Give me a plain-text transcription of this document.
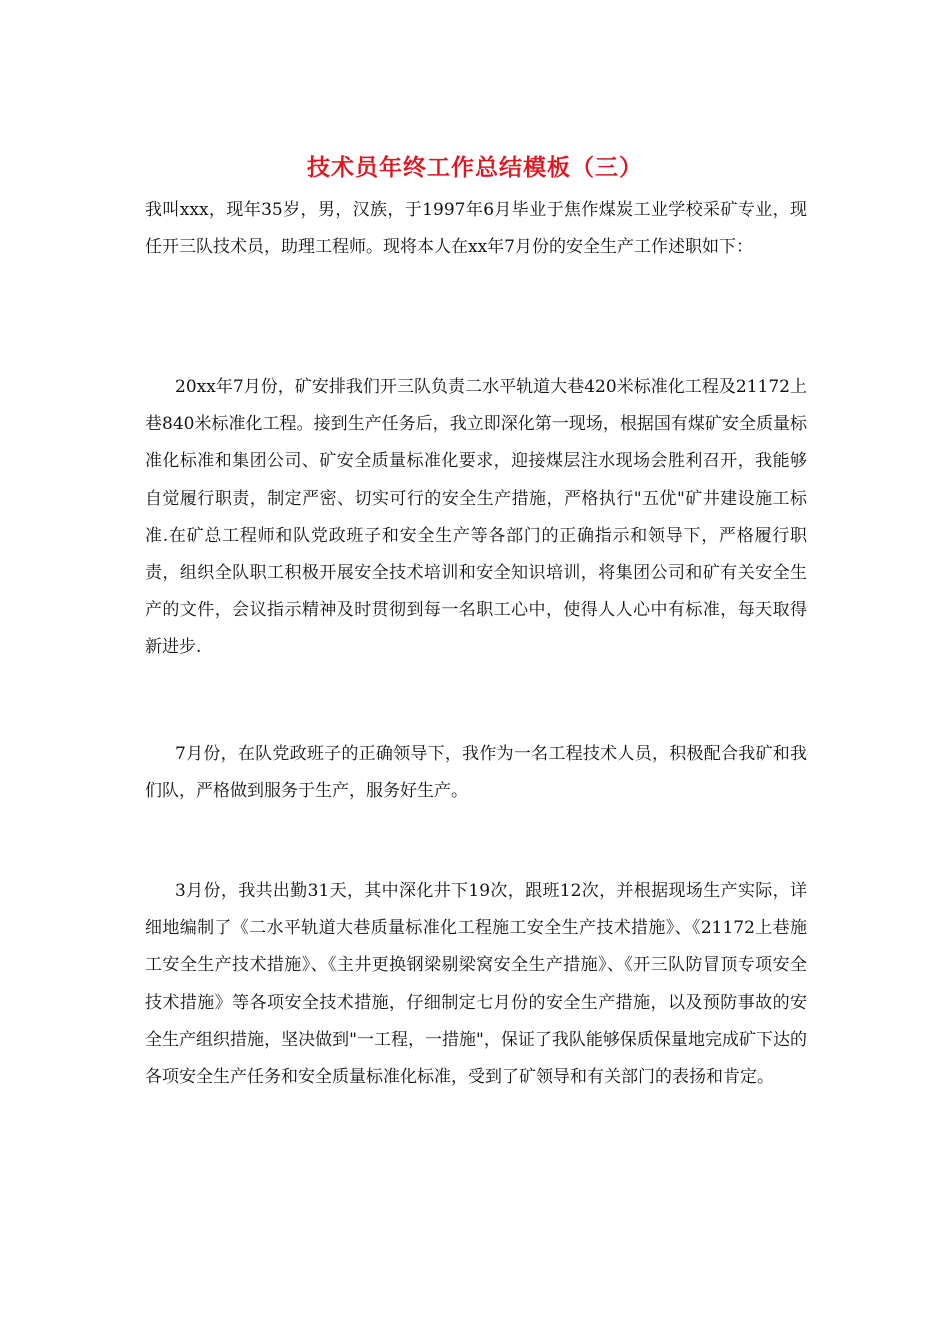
技术员年终工作总结模板（三）

我叫xxx，现年35岁，男，汉族，于1997年6月毕业于焦作煤炭工业学校采矿专业，现任开三队技术员，助理工程师。现将本人在xx年7月份的安全生产工作述职如下：

20xx年7月份，矿安排我们开三队负责二水平轨道大巷420米标准化工程及21172上巷840米标准化工程。接到生产任务后，我立即深化第一现场，根据国有煤矿安全质量标准化标准和集团公司、矿安全质量标准化要求，迎接煤层注水现场会胜利召开，我能够自觉履行职责，制定严密、切实可行的安全生产措施，严格执行"五优"矿井建设施工标准.在矿总工程师和队党政班子和安全生产等各部门的正确指示和领导下，严格履行职责，组织全队职工积极开展安全技术培训和安全知识培训，将集团公司和矿有关安全生产的文件，会议指示精神及时贯彻到每一名职工心中，使得人人心中有标准，每天取得新进步.

7月份，在队党政班子的正确领导下，我作为一名工程技术人员，积极配合我矿和我们队，严格做到服务于生产，服务好生产。

3月份，我共出勤31天，其中深化井下19次，跟班12次，并根据现场生产实际，详细地编制了《二水平轨道大巷质量标准化工程施工安全生产技术措施》、《21172上巷施工安全生产技术措施》、《主井更换钢梁剔梁窝安全生产措施》、《开三队防冒顶专项安全技术措施》等各项安全技术措施，仔细制定七月份的安全生产措施，以及预防事故的安全生产组织措施，坚决做到"一工程，一措施"，保证了我队能够保质保量地完成矿下达的各项安全生产任务和安全质量标准化标准，受到了矿领导和有关部门的表扬和肯定。
